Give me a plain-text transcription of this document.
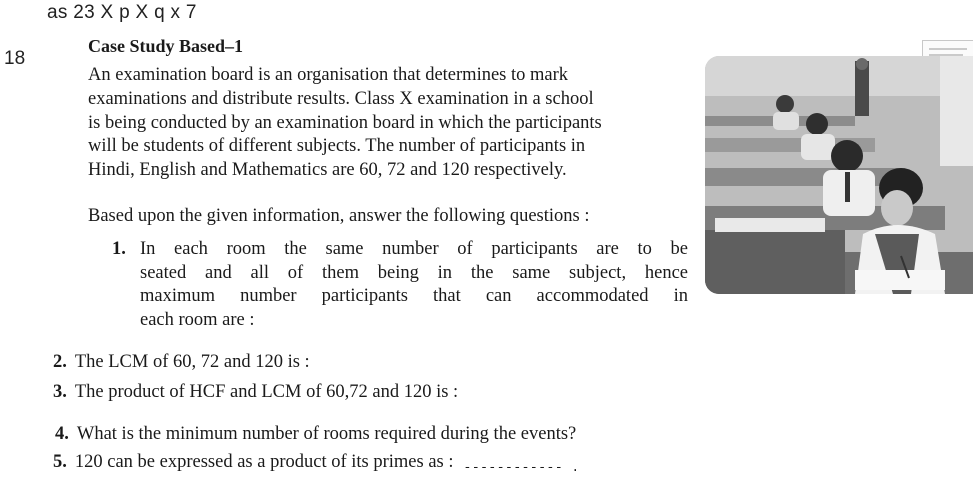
as 23 X p X q x 7
18
Case Study Based–1
An examination board is an organisation that determines to mark
examinations and distribute results. Class X examination in a school
is being conducted by an examination board in which the participants
will be students of different subjects. The number of participants in
Hindi, English and Mathematics are 60, 72 and 120 respectively.
Based upon the given information, answer the following questions :
1. In each room the same number of participants are to be
seated and all of them being in the same subject, hence
maximum number participants that can accommodated in
each room are :
2. The LCM of 60, 72 and 120 is :
3. The product of HCF and LCM of 60,72 and 120 is :
4. What is the minimum number of rooms required during the events?
5. 120 can be expressed as a product of its primes as : $_{------------ .}$
